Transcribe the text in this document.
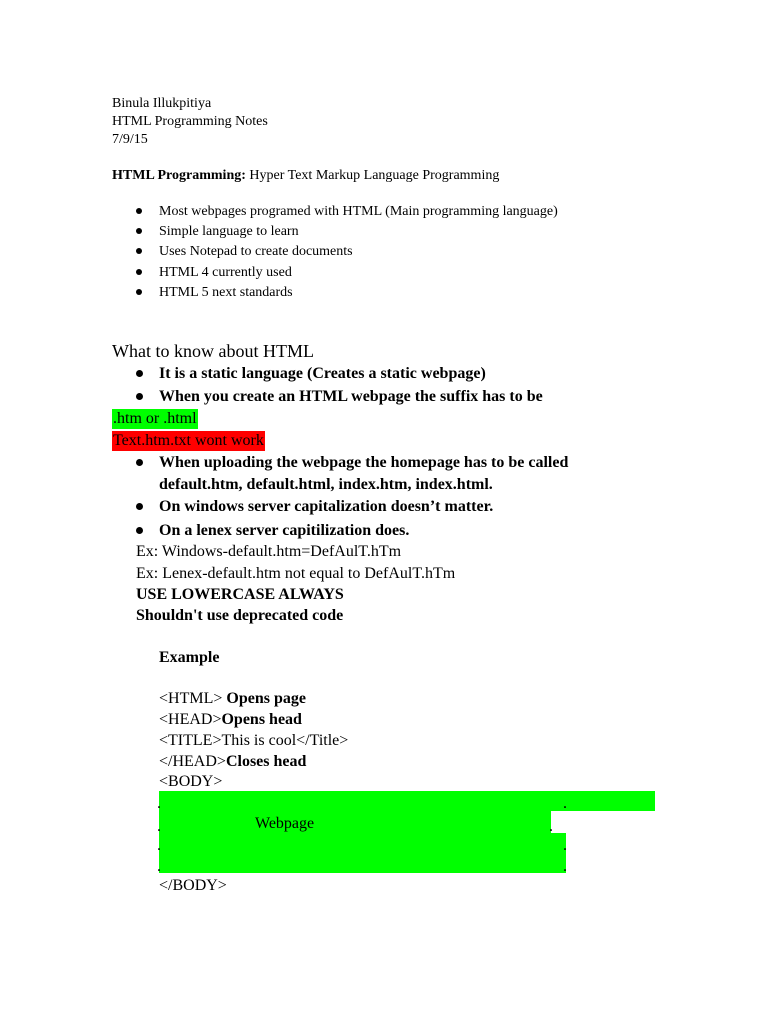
Binula Illukpitiya
HTML Programming Notes
7/9/15
HTML Programming: Hyper Text Markup Language Programming
Most webpages programed with HTML (Main programming language)
Simple language to learn
Uses Notepad to create documents
HTML 4 currently used
HTML 5 next standards
What to know about HTML
It is a static language (Creates a static webpage)
When you create an HTML webpage the suffix has to be
.htm or .html
Text.htm.txt wont work
When uploading the webpage the homepage has to be called
default.htm, default.html, index.htm, index.html.
On windows server capitalization doesn’t matter.
On a lenex server capitilization does.
Ex: Windows-default.htm=DefAulT.hTm
Ex: Lenex-default.htm not equal to DefAulT.hTm
USE LOWERCASE ALWAYS
Shouldn't use deprecated code
Example
<HTML> Opens page
<HEAD>Opens head
<TITLE>This is cool</Title>
</HEAD>Closes head
<BODY>
.	.
.	.
.	.
.	.
Webpage
</BODY>
